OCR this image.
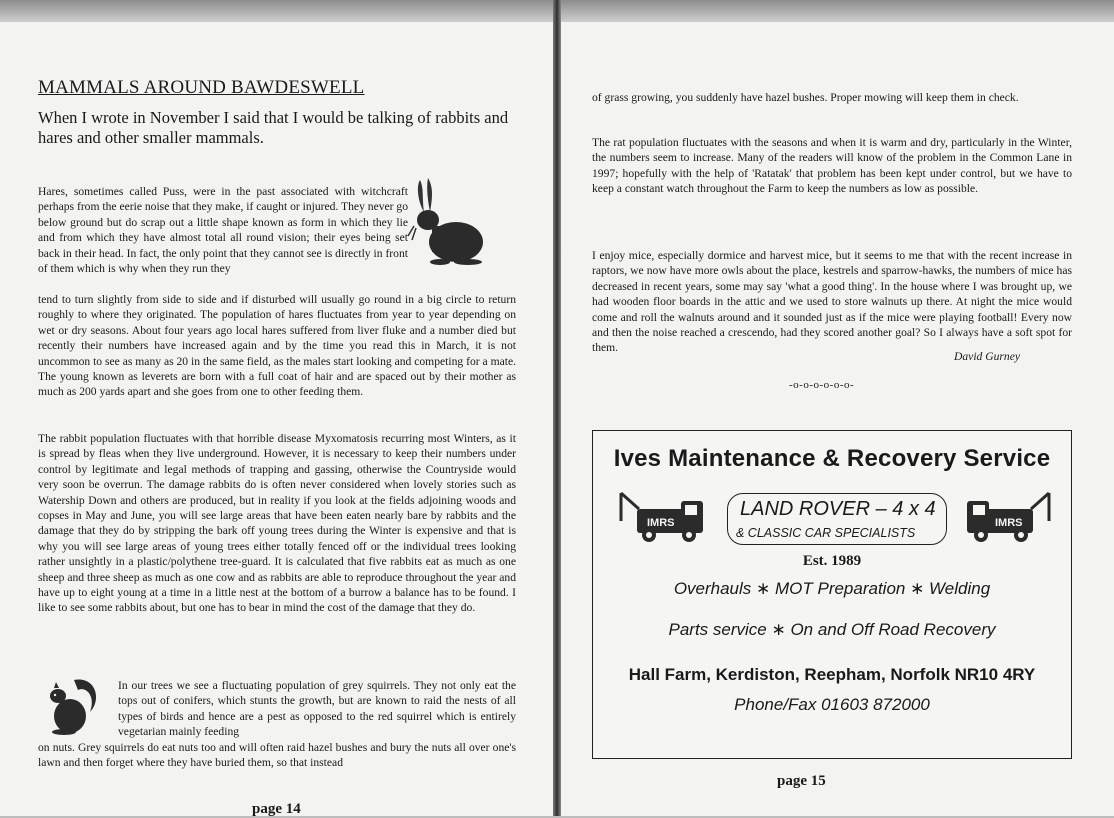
MAMMALS AROUND BAWDESWELL

When I wrote in November I said that I would be talking of rabbits and hares and other smaller mammals.

Hares, sometimes called Puss, were in the past associated with witchcraft perhaps from the eerie noise that they make, if caught or injured. They never go below ground but do scrap out a little shape known as form in which they lie and from which they have almost total all round vision; their eyes being set back in their head. In fact, the only point that they cannot see is directly in front of them which is why when they run they

tend to turn slightly from side to side and if disturbed will usually go round in a big circle to return roughly to where they originated. The population of hares fluctuates from year to year depending on wet or dry seasons. About four years ago local hares suffered from liver fluke and a number died but recently their numbers have increased again and by the time you read this in March, it is not uncommon to see as many as 20 in the same field, as the males start looking and competing for a mate. The young known as leverets are born with a full coat of hair and are spaced out by their mother as much as 200 yards apart and she goes from one to other feeding them.

The rabbit population fluctuates with that horrible disease Myxomatosis recurring most Winters, as it is spread by fleas when they live underground. However, it is necessary to keep their numbers under control by legitimate and legal methods of trapping and gassing, otherwise the Countryside would very soon be overrun. The damage rabbits do is often never considered when lovely stories such as Watership Down and others are produced, but in reality if you look at the fields adjoining woods and copses in May and June, you will see large areas that have been eaten nearly bare by rabbits and the damage that they do by stripping the bark off young trees during the Winter is expensive and that is why you will see large areas of young trees either totally fenced off or the individual trees looking rather unsightly in a plastic/polythene tree-guard. It is calculated that five rabbits eat as much as one sheep and three sheep as much as one cow and as rabbits are able to reproduce throughout the year and have up to eight young at a time in a little nest at the bottom of a burrow a balance has to be found. I like to see some rabbits about, but one has to bear in mind the cost of the damage that they do.

In our trees we see a fluctuating population of grey squirrels. They not only eat the tops out of conifers, which stunts the growth, but are known to raid the nests of all types of birds and hence are a pest as opposed to the red squirrel which is entirely vegetarian mainly feeding

on nuts. Grey squirrels do eat nuts too and will often raid hazel bushes and bury the nuts all over one's lawn and then forget where they have buried them, so that instead

page 14

of grass growing, you suddenly have hazel bushes. Proper mowing will keep them in check.

The rat population fluctuates with the seasons and when it is warm and dry, particularly in the Winter, the numbers seem to increase. Many of the readers will know of the problem in the Common Lane in 1997; hopefully with the help of 'Ratatak' that problem has been kept under control, but we have to keep a constant watch throughout the Farm to keep the numbers as low as possible.

I enjoy mice, especially dormice and harvest mice, but it seems to me that with the recent increase in raptors, we now have more owls about the place, kestrels and sparrow-hawks, the numbers of mice has decreased in recent years, some may say 'what a good thing'. In the house where I was brought up, we had wooden floor boards in the attic and we used to store walnuts up there. At night the mice would come and roll the walnuts around and it sounded just as if the mice were playing football! Every now and then the noise reached a crescendo, had they scored another goal? So I always have a soft spot for them.

David Gurney

-o-o-o-o-o-o-

Ives Maintenance & Recovery Service

IMRS

LAND ROVER – 4 x 4

& CLASSIC CAR SPECIALISTS

IMRS

Est. 1989

Overhauls ∗ MOT Preparation ∗ Welding

Parts service ∗ On and Off Road Recovery

Hall Farm, Kerdiston, Reepham, Norfolk NR10 4RY

Phone/Fax 01603 872000

page 15
